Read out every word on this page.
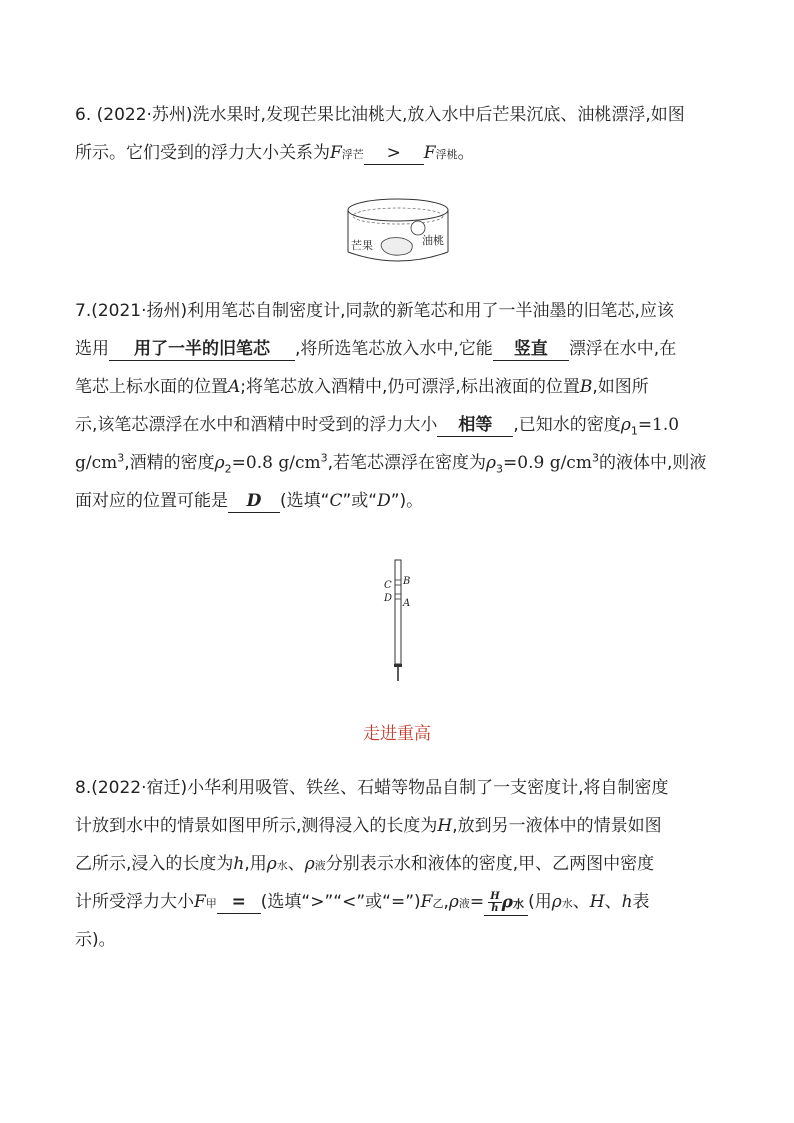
6. (2022·苏州)洗水果时,发现芒果比油桃大,放入水中后芒果沉底、油桃漂浮,如图
所示。它们受到的浮力大小关系为F浮芒 > F浮桃。
芒果	油桃
7.(2021·扬州)利用笔芯自制密度计,同款的新笔芯和用了一半油墨的旧笔芯,应该
选用 用了一半的旧笔芯 ,将所选笔芯放入水中,它能 竖直 漂浮在水中,在
笔芯上标水面的位置A;将笔芯放入酒精中,仍可漂浮,标出液面的位置B,如图所
示,该笔芯漂浮在水中和酒精中时受到的浮力大小 相等 ,已知水的密度$\rho_1=1.0$
$g/cm^3$,酒精的密度$\rho_2=0.8$ $g/cm^3$,若笔芯漂浮在密度为$\rho_3=0.9$ $g/cm^3$的液体中,则液
面对应的位置可能是 D (选填“C”或“D”)。
C
D
B
A
走进重高
8.(2022·宿迁)小华利用吸管、铁丝、石蜡等物品自制了一支密度计,将自制密度
计放到水中的情景如图甲所示,测得浸入的长度为H,放到另一液体中的情景如图
乙所示,浸入的长度为h,用ρ水、ρ液分别表示水和液体的密度,甲、乙两图中密度
计所受浮力大小F甲 = (选填“>”“<”或“=”)F乙,ρ液= $\frac{H}{h}$ ρ水 (用ρ水、H、h表
示)。
